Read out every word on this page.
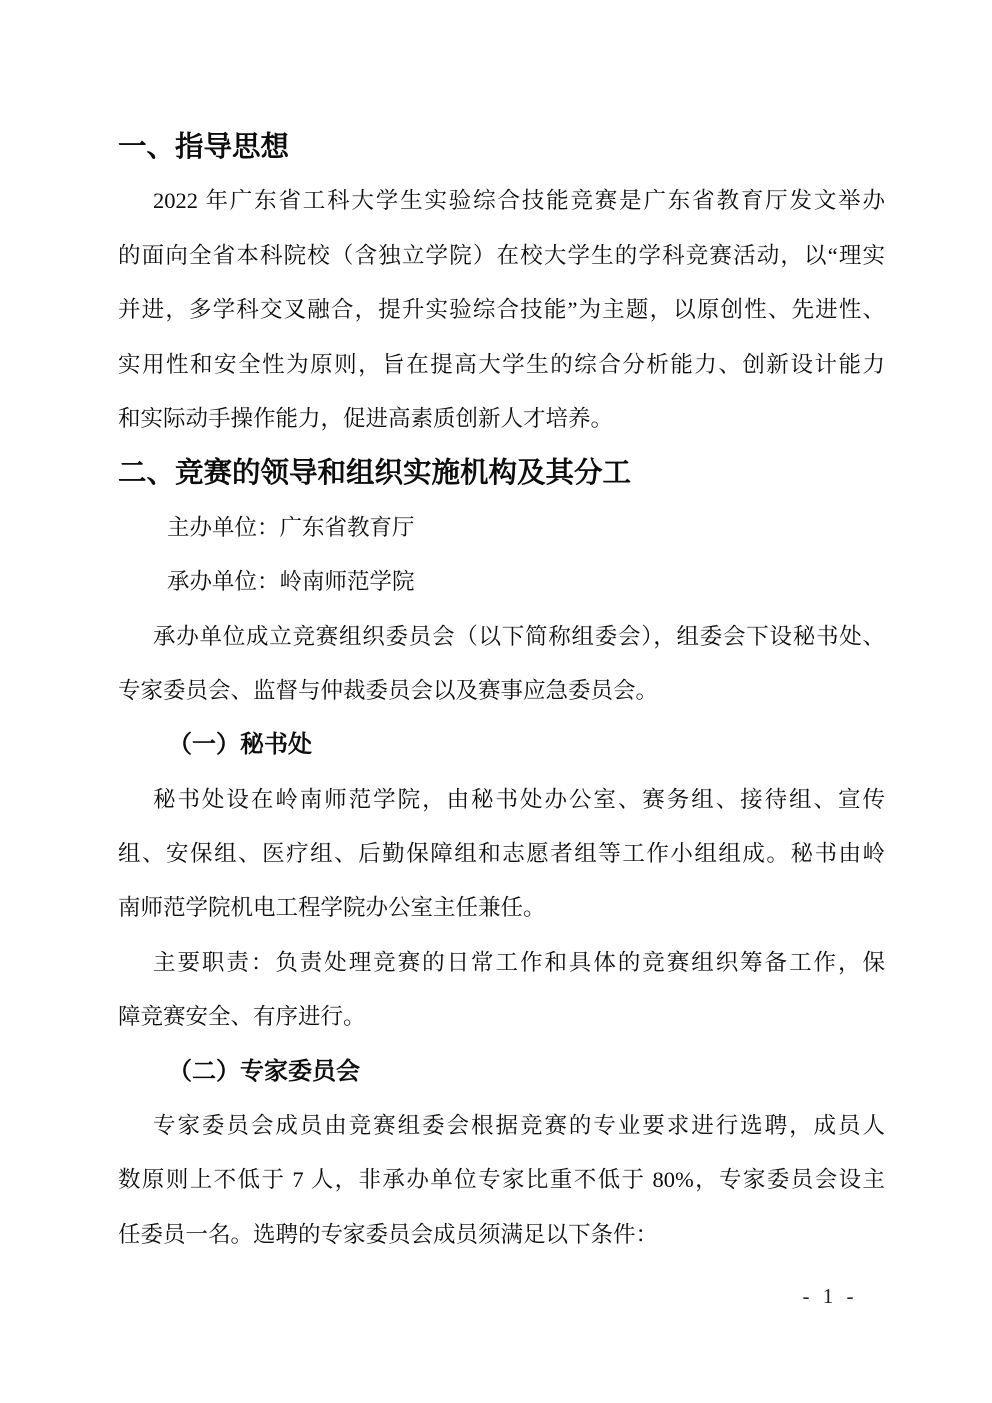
一、指导思想
2022 年广东省工科大学生实验综合技能竞赛是广东省教育厅发文举办
的面向全省本科院校（含独立学院）在校大学生的学科竞赛活动，以“理实
并进，多学科交叉融合，提升实验综合技能”为主题，以原创性、先进性、
实用性和安全性为原则，旨在提高大学生的综合分析能力、创新设计能力
和实际动手操作能力，促进高素质创新人才培养。
二、竞赛的领导和组织实施机构及其分工
主办单位：广东省教育厅
承办单位：岭南师范学院
承办单位成立竞赛组织委员会（以下简称组委会），组委会下设秘书处、
专家委员会、监督与仲裁委员会以及赛事应急委员会。
（一）秘书处
秘书处设在岭南师范学院，由秘书处办公室、赛务组、接待组、宣传
组、安保组、医疗组、后勤保障组和志愿者组等工作小组组成。秘书由岭
南师范学院机电工程学院办公室主任兼任。
主要职责：负责处理竞赛的日常工作和具体的竞赛组织筹备工作，保
障竞赛安全、有序进行。
（二）专家委员会
专家委员会成员由竞赛组委会根据竞赛的专业要求进行选聘，成员人
数原则上不低于 7 人，非承办单位专家比重不低于 80%，专家委员会设主
任委员一名。选聘的专家委员会成员须满足以下条件：
- 1 -
